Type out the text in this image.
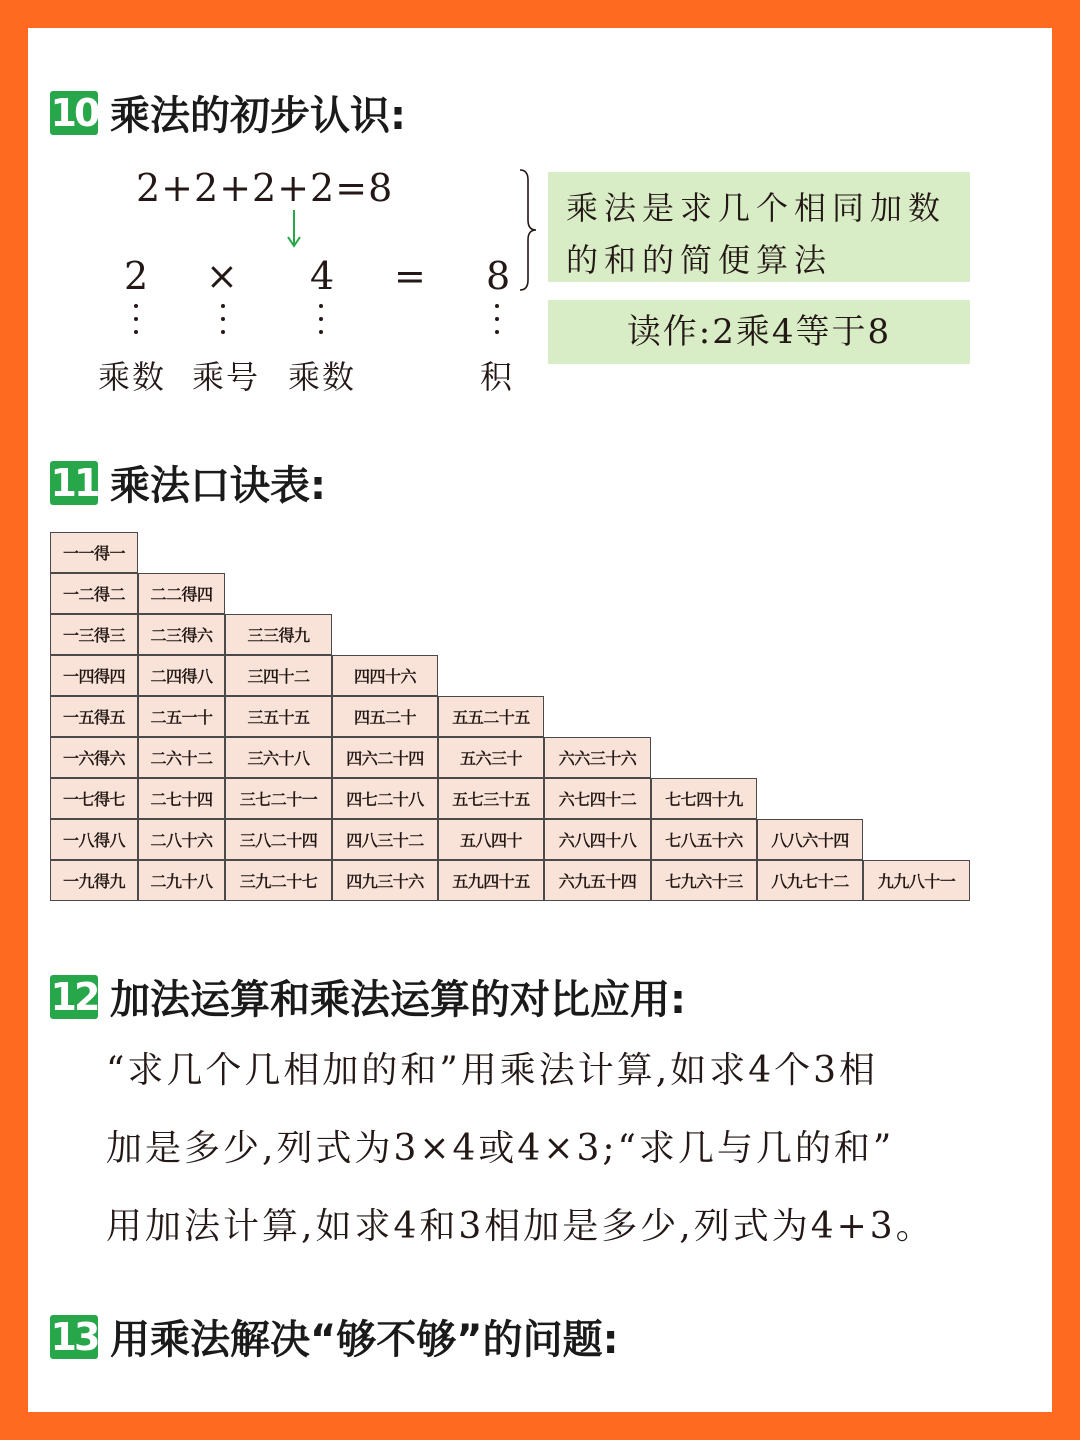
10 乘法的初步认识:
2+2+2+2=8
2 × 4 = 8
乘数 乘号 乘数	积
乘法是求几个相同加数的和的简便算法
读作:2乘4等于8
11 乘法口诀表:
一一得一
一二得二	二二得四
一三得三	二三得六	三三得九
一四得四	二四得八	三四十二	四四十六
一五得五	二五一十	三五十五	四五二十	五五二十五
一六得六	二六十二	三六十八	四六二十四	五六三十	六六三十六
一七得七	二七十四	三七二十一	四七二十八	五七三十五	六七四十二	七七四十九
一八得八	二八十六	三八二十四	四八三十二	五八四十	六八四十八	七八五十六	八八六十四
一九得九	二九十八	三九二十七	四九三十六	五九四十五	六九五十四	七九六十三	八九七十二	九九八十一
12 加法运算和乘法运算的对比应用:
“求几个几相加的和”用乘法计算,如求4个3相
加是多少,列式为3×4或4×3;“求几与几的和”
用加法计算,如求4和3相加是多少,列式为4+3。
13 用乘法解决“够不够”的问题:
